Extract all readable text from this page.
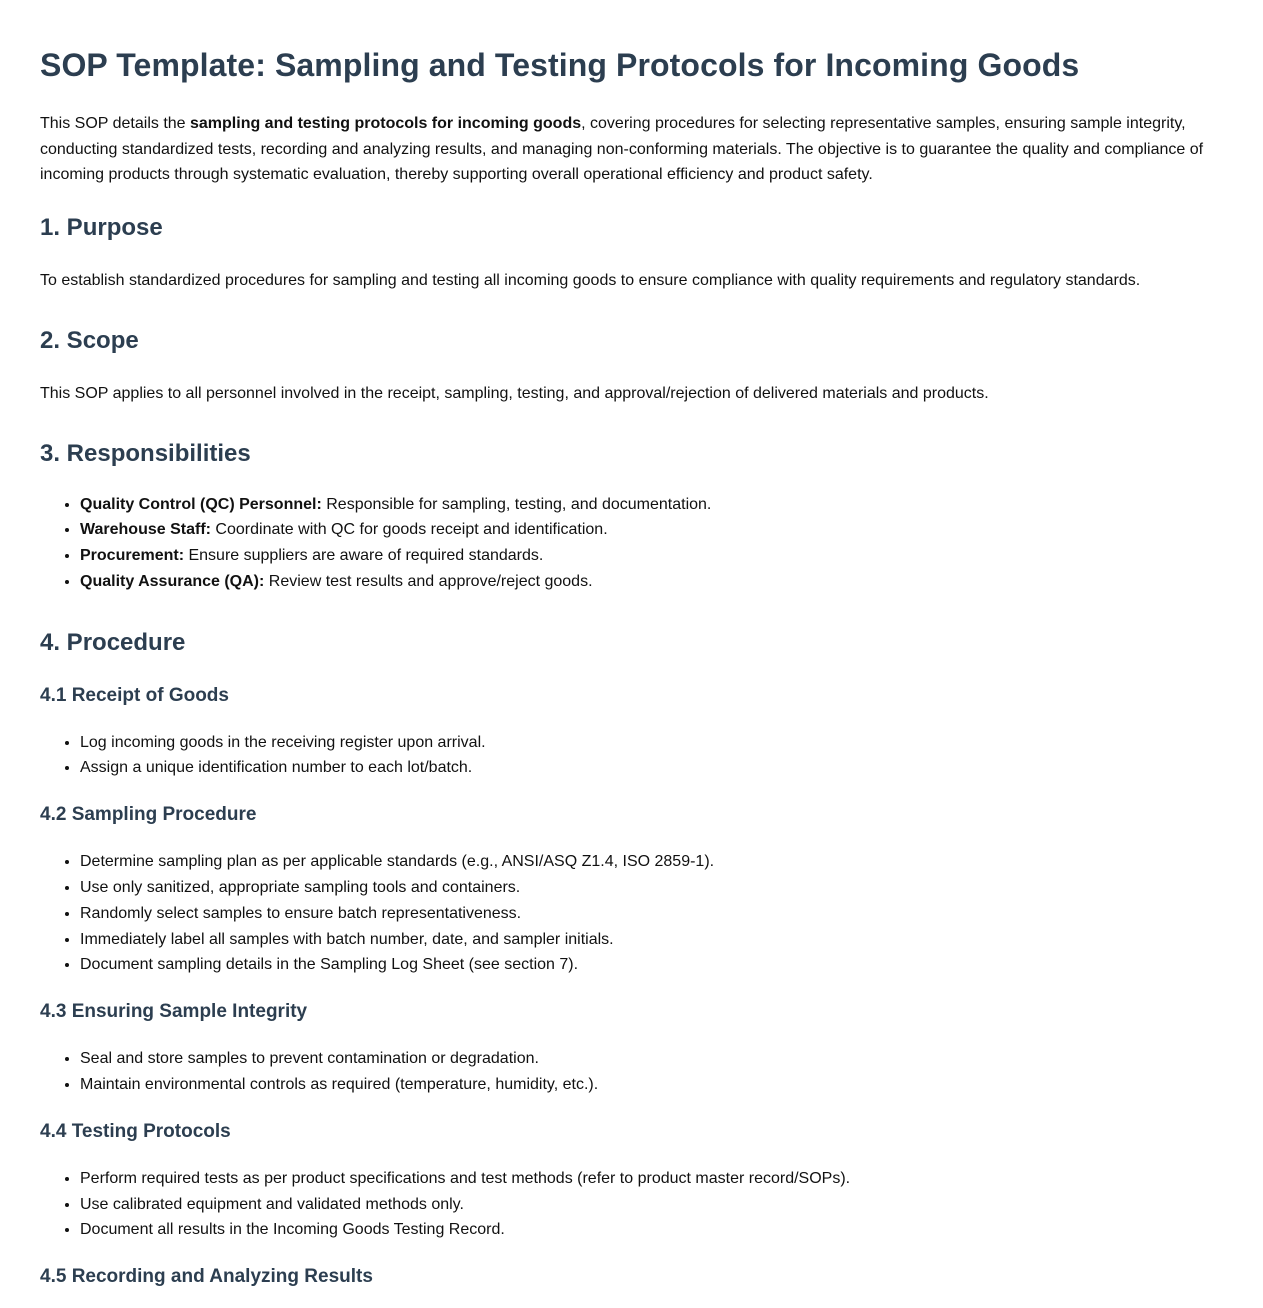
SOP Template: Sampling and Testing Protocols for Incoming Goods

This SOP details the sampling and testing protocols for incoming goods, covering procedures for selecting representative samples, ensuring sample integrity, conducting standardized tests, recording and analyzing results, and managing non-conforming materials. The objective is to guarantee the quality and compliance of incoming products through systematic evaluation, thereby supporting overall operational efficiency and product safety.

1. Purpose

To establish standardized procedures for sampling and testing all incoming goods to ensure compliance with quality requirements and regulatory standards.

2. Scope

This SOP applies to all personnel involved in the receipt, sampling, testing, and approval/rejection of delivered materials and products.

3. Responsibilities
• Quality Control (QC) Personnel: Responsible for sampling, testing, and documentation.
• Warehouse Staff: Coordinate with QC for goods receipt and identification.
• Procurement: Ensure suppliers are aware of required standards.
• Quality Assurance (QA): Review test results and approve/reject goods.
4. Procedure
4.1 Receipt of Goods
• Log incoming goods in the receiving register upon arrival.
• Assign a unique identification number to each lot/batch.
4.2 Sampling Procedure
• Determine sampling plan as per applicable standards (e.g., ANSI/ASQ Z1.4, ISO 2859-1).
• Use only sanitized, appropriate sampling tools and containers.
• Randomly select samples to ensure batch representativeness.
• Immediately label all samples with batch number, date, and sampler initials.
• Document sampling details in the Sampling Log Sheet (see section 7).
4.3 Ensuring Sample Integrity
• Seal and store samples to prevent contamination or degradation.
• Maintain environmental controls as required (temperature, humidity, etc.).
4.4 Testing Protocols
• Perform required tests as per product specifications and test methods (refer to product master record/SOPs).
• Use calibrated equipment and validated methods only.
• Document all results in the Incoming Goods Testing Record.
4.5 Recording and Analyzing Results
